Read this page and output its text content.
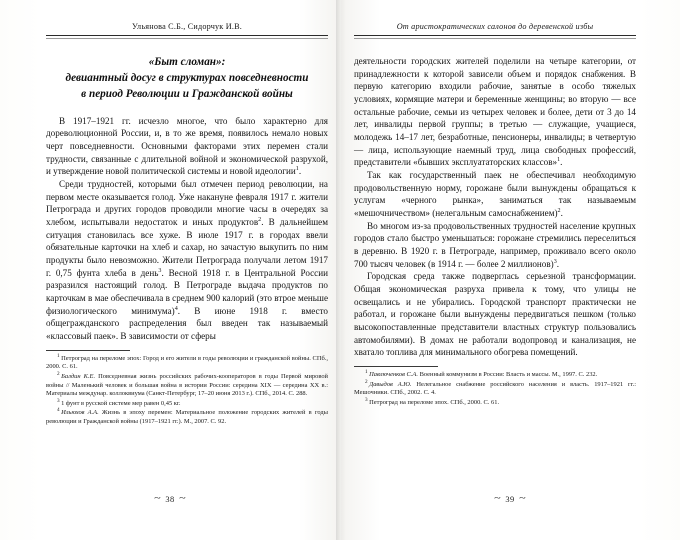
Ульянова С.Б., Сидорчук И.В.
«Быт сломан»:
девиантный досуг в структурах повседневности
в период Революции и Гражданской войны

В 1917–1921 гг. исчезло многое, что было характерно для дореволюционной России, и, в то же время, появилось немало новых черт повседневности. Основными факторами этих перемен стали трудности, связанные с длительной войной и экономической разрухой, и утверждение новой политической системы и новой идеологии$^1$.

Среди трудностей, которыми был отмечен период революции, на первом месте оказывается голод. Уже накануне февраля 1917 г. жители Петрограда и других городов проводили многие часы в очередях за хлебом, испытывали недостаток и иных продуктов$^2$. В дальнейшем ситуация становилась все хуже. В июле 1917 г. в городах ввели обязательные карточки на хлеб и сахар, но зачастую выкупить по ним продукты было невозможно. Жители Петрограда получали летом 1917 г. 0,75 фунта хлеба в день$^3$. Весной 1918 г. в Центральной России разразился настоящий голод. В Петрограде выдача продуктов по карточкам в мае обеспечивала в среднем 900 калорий (это втрое меньше физиологического минимума)$^4$. В июне 1918 г. вместо общегражданского распределения был введен так называемый «классовый паек». В зависимости от сферы

$^1$ Петроград на переломе эпох: Город и его жители в годы революции и гражданской войны. СПб., 2000. С. 61.

$^2$ Балдин К.Е. Повседневная жизнь российских рабочих-кооператоров в годы Первой мировой войны // Маленький человек и большая война в истории России: середина XIX — середина XX в.: Материалы междунар. коллоквиума (Санкт-Петербург, 17–20 июня 2013 г.). СПб., 2014. С. 288.

$^3$ 1 фунт в русской системе мер равен 0,45 кг.

$^4$ Ильюхов А.А. Жизнь в эпоху перемен: Материальное положение городских жителей в годы революции и Гражданской войны (1917–1921 гг.). М., 2007. С. 92.

~ 38 ~
От аристократических салонов до деревенской избы

деятельности городских жителей поделили на четыре категории, от принадлежности к которой зависели объем и порядок снабжения. В первую категорию входили рабочие, занятые в особо тяжелых условиях, кормящие матери и беременные женщины; во вторую — все остальные рабочие, семьи из четырех человек и более, дети от 3 до 14 лет, инвалиды первой группы; в третью — служащие, учащиеся, молодежь 14–17 лет, безработные, пенсионеры, инвалиды; в четвертую — лица, использующие наемный труд, лица свободных профессий, представители «бывших эксплуататорских классов»$^1$.

Так как государственный паек не обеспечивал необходимую продовольственную норму, горожане были вынуждены обращаться к услугам «черного рынка», заниматься так называемым «мешочничеством» (нелегальным самоснабжением)$^2$.

Во многом из-за продовольственных трудностей население крупных городов стало быстро уменьшаться: горожане стремились переселиться в деревню. В 1920 г. в Петрограде, например, проживало всего около 700 тысяч человек (в 1914 г. — более 2 миллионов)$^3$.

Городская среда также подверглась серьезной трансформации. Общая экономическая разруха привела к тому, что улицы не освещались и не убирались. Городской транспорт практически не работал, и горожане были вынуждены передвигаться пешком (только высокопоставленные представители властных структур пользовались автомобилями). В домах не работали водопровод и канализация, не хватало топлива для минимального обогрева помещений.

$^1$ Павлюченков С.А. Военный коммунизм в России: Власть и массы. М., 1997. С. 232.

$^2$ Давыдов А.Ю. Нелегальное снабжение российского населения и власть. 1917–1921 гг.: Мешочники. СПб., 2002. С. 4.

$^3$ Петроград на переломе эпох. СПб., 2000. С. 61.

~ 39 ~
